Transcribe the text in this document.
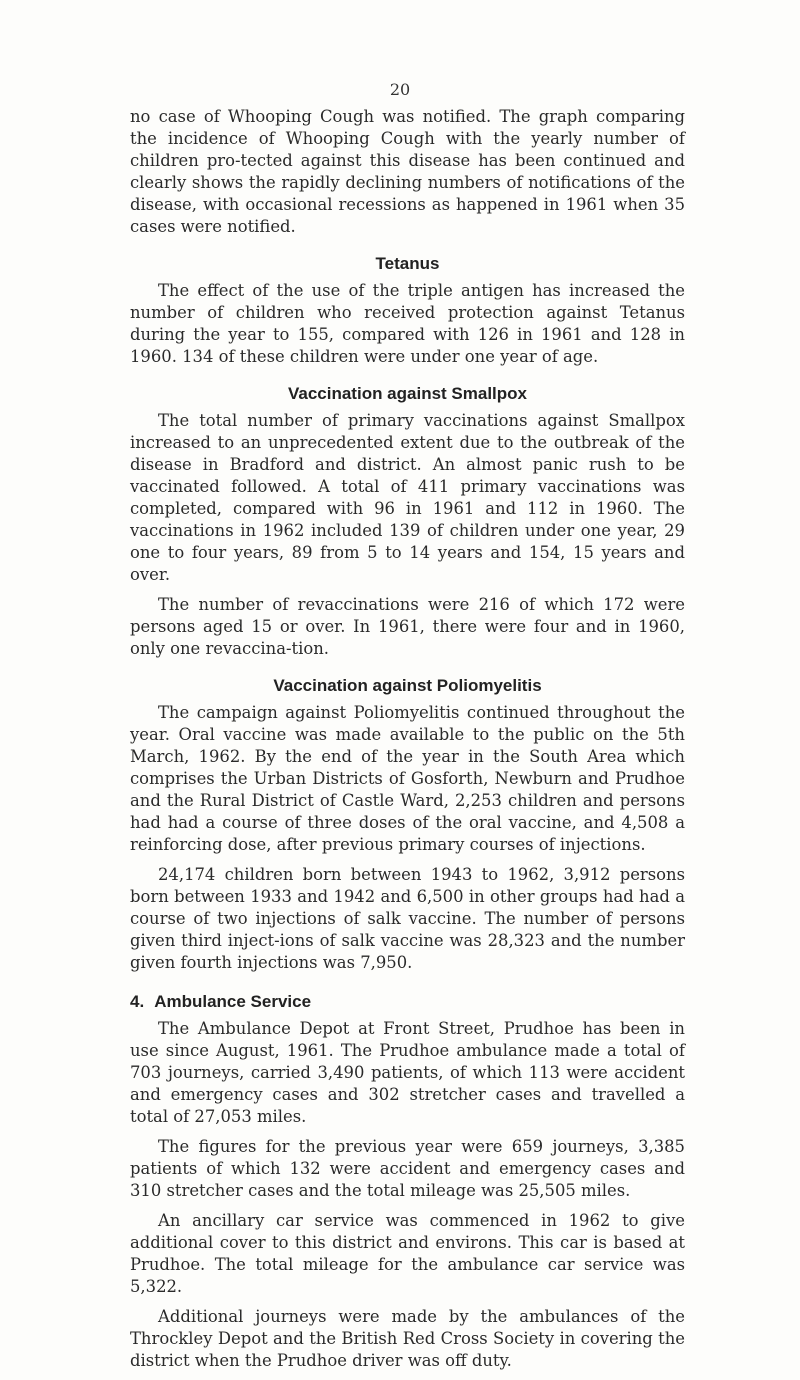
20

no case of Whooping Cough was notified. The graph comparing the incidence of Whooping Cough with the yearly number of children pro-tected against this disease has been continued and clearly shows the rapidly declining numbers of notifications of the disease, with occasional recessions as happened in 1961 when 35 cases were notified.

Tetanus

The effect of the use of the triple antigen has increased the number of children who received protection against Tetanus during the year to 155, compared with 126 in 1961 and 128 in 1960. 134 of these children were under one year of age.

Vaccination against Smallpox

The total number of primary vaccinations against Smallpox increased to an unprecedented extent due to the outbreak of the disease in Bradford and district. An almost panic rush to be vaccinated followed. A total of 411 primary vaccinations was completed, compared with 96 in 1961 and 112 in 1960. The vaccinations in 1962 included 139 of children under one year, 29 one to four years, 89 from 5 to 14 years and 154, 15 years and over.

The number of revaccinations were 216 of which 172 were persons aged 15 or over. In 1961, there were four and in 1960, only one revaccina-tion.

Vaccination against Poliomyelitis

The campaign against Poliomyelitis continued throughout the year. Oral vaccine was made available to the public on the 5th March, 1962. By the end of the year in the South Area which comprises the Urban Districts of Gosforth, Newburn and Prudhoe and the Rural District of Castle Ward, 2,253 children and persons had had a course of three doses of the oral vaccine, and 4,508 a reinforcing dose, after previous primary courses of injections.

24,174 children born between 1943 to 1962, 3,912 persons born between 1933 and 1942 and 6,500 in other groups had had a course of two injections of salk vaccine. The number of persons given third inject-ions of salk vaccine was 28,323 and the number given fourth injections was 7,950.

4. Ambulance Service

The Ambulance Depot at Front Street, Prudhoe has been in use since August, 1961. The Prudhoe ambulance made a total of 703 journeys, carried 3,490 patients, of which 113 were accident and emergency cases and 302 stretcher cases and travelled a total of 27,053 miles.

The figures for the previous year were 659 journeys, 3,385 patients of which 132 were accident and emergency cases and 310 stretcher cases and the total mileage was 25,505 miles.

An ancillary car service was commenced in 1962 to give additional cover to this district and environs. This car is based at Prudhoe. The total mileage for the ambulance car service was 5,322.

Additional journeys were made by the ambulances of the Throckley Depot and the British Red Cross Society in covering the district when the Prudhoe driver was off duty.
